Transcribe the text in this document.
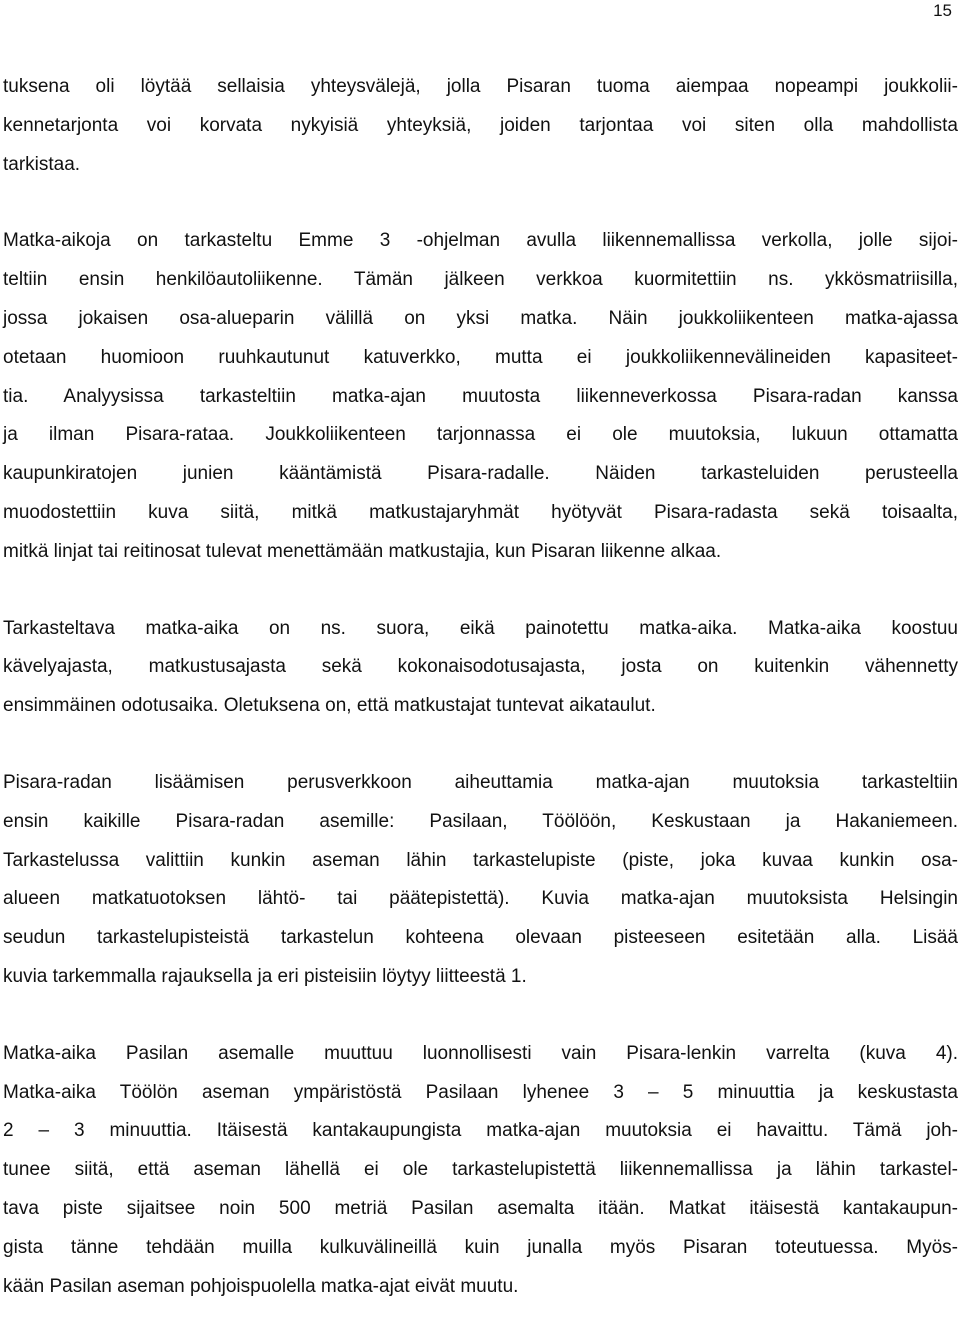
15

tuksena oli löytää sellaisia yhteysvälejä, jolla Pisaran tuoma aiempaa nopeampi joukkolii-
kennetarjonta voi korvata nykyisiä yhteyksiä, joiden tarjontaa voi siten olla mahdollista
tarkistaa.

Matka-aikoja on tarkasteltu Emme 3 -ohjelman avulla liikennemallissa verkolla, jolle sijoi-
teltiin ensin henkilöautoliikenne. Tämän jälkeen verkkoa kuormitettiin ns. ykkösmatriisilla,
jossa jokaisen osa-alueparin välillä on yksi matka. Näin joukkoliikenteen matka-ajassa
otetaan huomioon ruuhkautunut katuverkko, mutta ei joukkoliikennevälineiden kapasiteet-
tia. Analyysissa tarkasteltiin matka-ajan muutosta liikenneverkossa Pisara-radan kanssa
ja ilman Pisara-rataa. Joukkoliikenteen tarjonnassa ei ole muutoksia, lukuun ottamatta
kaupunkiratojen junien kääntämistä Pisara-radalle. Näiden tarkasteluiden perusteella
muodostettiin kuva siitä, mitkä matkustajaryhmät hyötyvät Pisara-radasta sekä toisaalta,
mitkä linjat tai reitinosat tulevat menettämään matkustajia, kun Pisaran liikenne alkaa.

Tarkasteltava matka-aika on ns. suora, eikä painotettu matka-aika. Matka-aika koostuu
kävelyajasta, matkustusajasta sekä kokonaisodotusajasta, josta on kuitenkin vähennetty
ensimmäinen odotusaika. Oletuksena on, että matkustajat tuntevat aikataulut.

Pisara-radan lisäämisen perusverkkoon aiheuttamia matka-ajan muutoksia tarkasteltiin
ensin kaikille Pisara-radan asemille: Pasilaan, Töölöön, Keskustaan ja Hakaniemeen.
Tarkastelussa valittiin kunkin aseman lähin tarkastelupiste (piste, joka kuvaa kunkin osa-
alueen matkatuotoksen lähtö- tai päätepistettä). Kuvia matka-ajan muutoksista Helsingin
seudun tarkastelupisteistä tarkastelun kohteena olevaan pisteeseen esitetään alla. Lisää
kuvia tarkemmalla rajauksella ja eri pisteisiin löytyy liitteestä 1.

Matka-aika Pasilan asemalle muuttuu luonnollisesti vain Pisara-lenkin varrelta (kuva 4).
Matka-aika Töölön aseman ympäristöstä Pasilaan lyhenee 3 – 5 minuuttia ja keskustasta
2 – 3 minuuttia. Itäisestä kantakaupungista matka-ajan muutoksia ei havaittu. Tämä joh-
tunee siitä, että aseman lähellä ei ole tarkastelupistettä liikennemallissa ja lähin tarkastel-
tava piste sijaitsee noin 500 metriä Pasilan asemalta itään. Matkat itäisestä kantakaupun-
gista tänne tehdään muilla kulkuvälineillä kuin junalla myös Pisaran toteutuessa. Myös-
kään Pasilan aseman pohjoispuolella matka-ajat eivät muutu.
